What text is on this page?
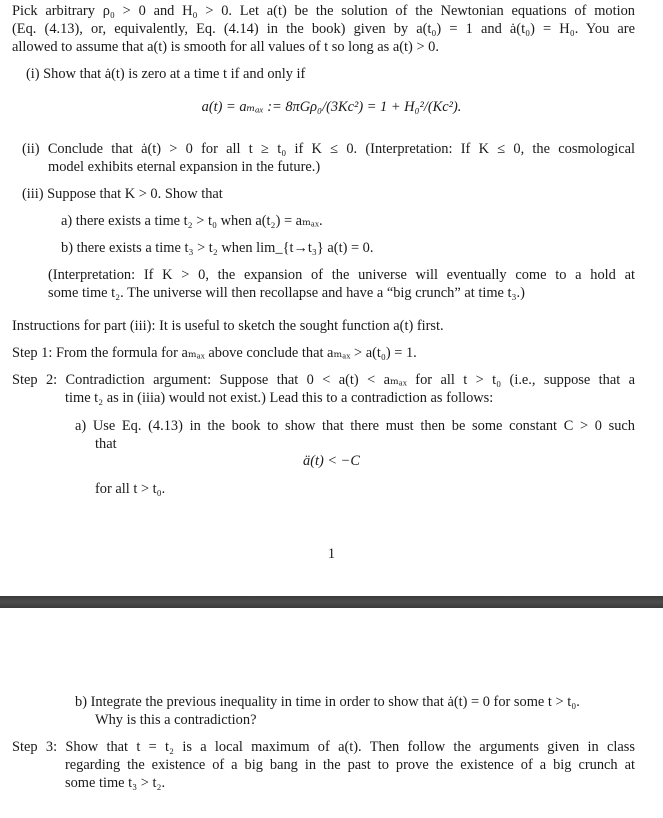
Pick arbitrary ρ₀ > 0 and H₀ > 0. Let a(t) be the solution of the Newtonian equations of motion
(Eq. (4.13), or, equivalently, Eq. (4.14) in the book) given by a(t₀) = 1 and ȧ(t₀) = H₀. You are
allowed to assume that a(t) is smooth for all values of t so long as a(t) > 0.
(i) Show that ȧ(t) is zero at a time t if and only if
a(t) = aₘₐₓ := 8πGρ₀/(3Kc²) = 1 + H₀²/(Kc²).
(ii) Conclude that ȧ(t) > 0 for all t ≥ t₀ if K ≤ 0. (Interpretation: If K ≤ 0, the cosmological
model exhibits eternal expansion in the future.)
(iii) Suppose that K > 0. Show that
a) there exists a time t₂ > t₀ when a(t₂) = aₘₐₓ.
b) there exists a time t₃ > t₂ when lim_{t→t₃} a(t) = 0.
(Interpretation: If K > 0, the expansion of the universe will eventually come to a hold at
some time t₂. The universe will then recollapse and have a “big crunch” at time t₃.)
Instructions for part (iii): It is useful to sketch the sought function a(t) first.
Step 1: From the formula for aₘₐₓ above conclude that aₘₐₓ > a(t₀) = 1.
Step 2: Contradiction argument: Suppose that 0 < a(t) < aₘₐₓ for all t > t₀ (i.e., suppose that a
time t₂ as in (iiia) would not exist.) Lead this to a contradiction as follows:
a) Use Eq. (4.13) in the book to show that there must then be some constant C > 0 such
that
ä(t) < −C
for all t > t₀.
1
b) Integrate the previous inequality in time in order to show that ȧ(t) = 0 for some t > t₀.
Why is this a contradiction?
Step 3: Show that t = t₂ is a local maximum of a(t). Then follow the arguments given in class
regarding the existence of a big bang in the past to prove the existence of a big crunch at
some time t₃ > t₂.
